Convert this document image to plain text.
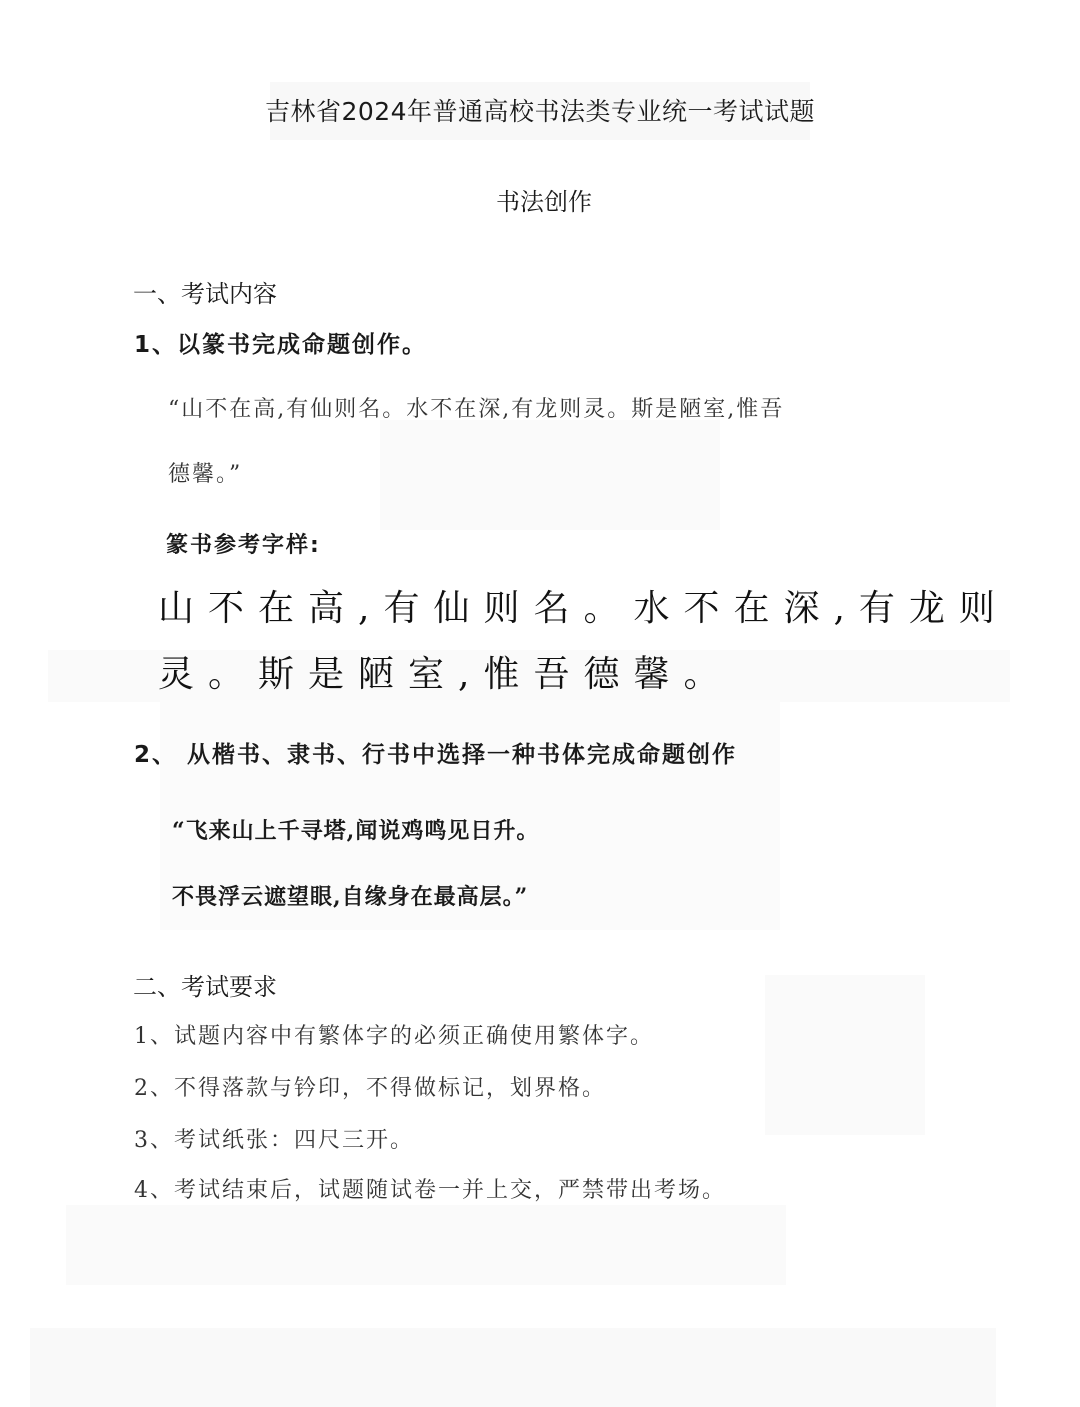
吉林省2024年普通高校书法类专业统一考试试题
书法创作
一、考试内容
1、以篆书完成命题创作。
“山不在高,有仙则名。水不在深,有龙则灵。斯是陋室,惟吾
德馨。”
篆书参考字样:
山不在高,有仙则名。水不在深,有龙则
灵。斯是陋室,惟吾德馨。
2、 从楷书、隶书、行书中选择一种书体完成命题创作
“飞来山上千寻塔,闻说鸡鸣见日升。
不畏浮云遮望眼,自缘身在最高层。”
二、考试要求
1、试题内容中有繁体字的必须正确使用繁体字。
2、不得落款与钤印，不得做标记，划界格。
3、考试纸张：四尺三开。
4、考试结束后，试题随试卷一并上交，严禁带出考场。
